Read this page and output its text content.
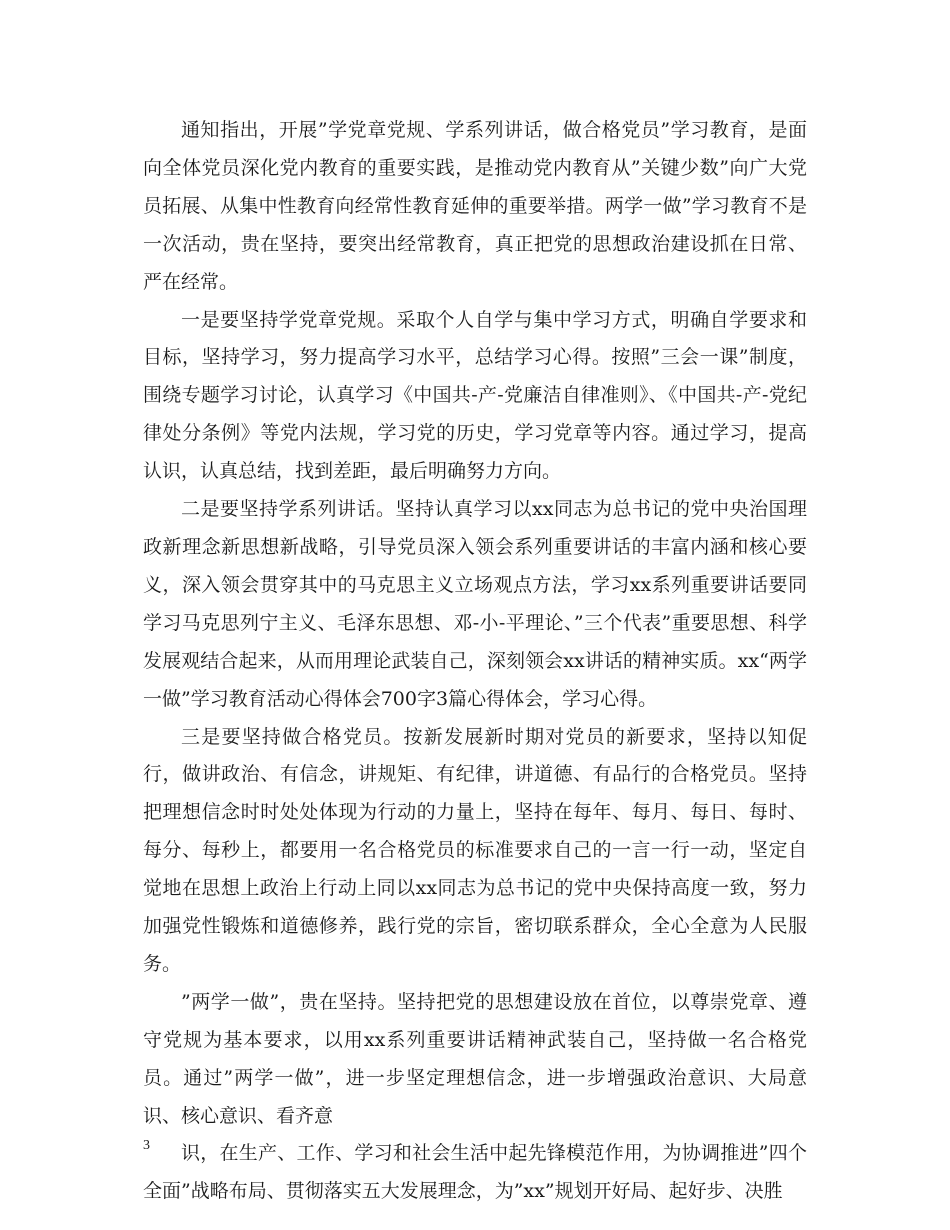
通知指出，开展”学党章党规、学系列讲话，做合格党员”学习教育，是面向全体党员深化党内教育的重要实践，是推动党内教育从”关键少数”向广大党员拓展、从集中性教育向经常性教育延伸的重要举措。两学一做”学习教育不是一次活动，贵在坚持，要突出经常教育，真正把党的思想政治建设抓在日常、严在经常。

一是要坚持学党章党规。采取个人自学与集中学习方式，明确自学要求和目标，坚持学习，努力提高学习水平，总结学习心得。按照”三会一课”制度，围绕专题学习讨论，认真学习《中国共-产-党廉洁自律准则》、《中国共-产-党纪律处分条例》等党内法规，学习党的历史，学习党章等内容。通过学习，提高认识，认真总结，找到差距，最后明确努力方向。

二是要坚持学系列讲话。坚持认真学习以xx同志为总书记的党中央治国理政新理念新思想新战略，引导党员深入领会系列重要讲话的丰富内涵和核心要义，深入领会贯穿其中的马克思主义立场观点方法，学习xx系列重要讲话要同学习马克思列宁主义、毛泽东思想、邓-小-平理论、”三个代表”重要思想、科学发展观结合起来，从而用理论武装自己，深刻领会xx讲话的精神实质。xx“两学一做”学习教育活动心得体会700字3篇心得体会，学习心得。

三是要坚持做合格党员。按新发展新时期对党员的新要求，坚持以知促行，做讲政治、有信念，讲规矩、有纪律，讲道德、有品行的合格党员。坚持把理想信念时时处处体现为行动的力量上，坚持在每年、每月、每日、每时、每分、每秒上，都要用一名合格党员的标准要求自己的一言一行一动，坚定自觉地在思想上政治上行动上同以xx同志为总书记的党中央保持高度一致，努力加强党性锻炼和道德修养，践行党的宗旨，密切联系群众，全心全意为人民服务。

”两学一做”，贵在坚持。坚持把党的思想建设放在首位，以尊崇党章、遵守党规为基本要求，以用xx系列重要讲话精神武装自己，坚持做一名合格党员。通过”两学一做”，进一步坚定理想信念，进一步增强政治意识、大局意识、核心意识、看齐意

识，在生产、工作、学习和社会生活中起先锋模范作用，为协调推进”四个全面”战略布局、贯彻落实五大发展理念，为”xx”规划开好局、起好步、决胜

3
